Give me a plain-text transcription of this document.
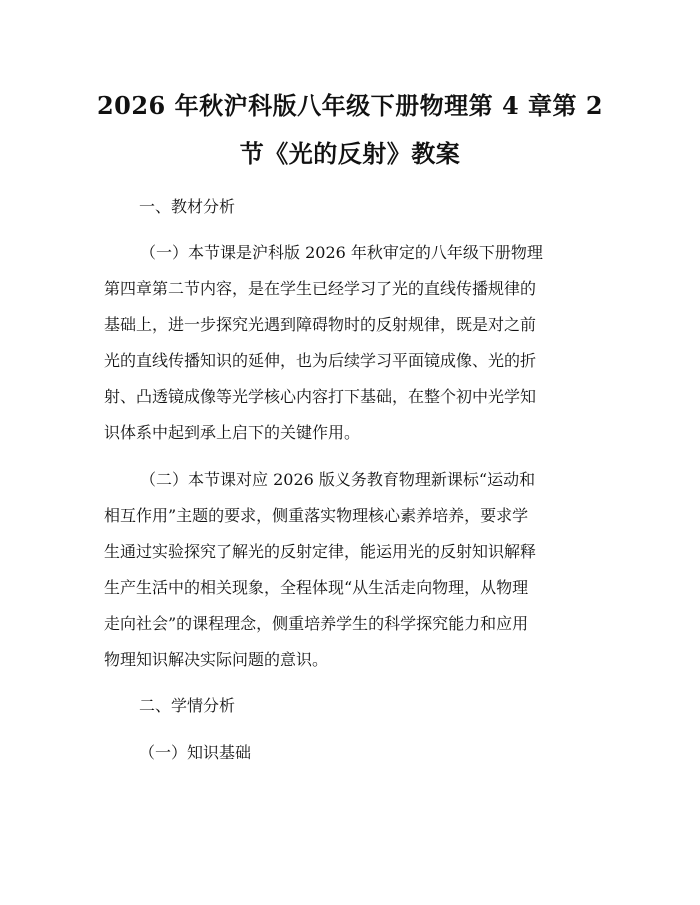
2026 年秋沪科版八年级下册物理第 4 章第 2
节《光的反射》教案
一、教材分析
（一）本节课是沪科版 2026 年秋审定的八年级下册物理
第四章第二节内容，是在学生已经学习了光的直线传播规律的
基础上，进一步探究光遇到障碍物时的反射规律，既是对之前
光的直线传播知识的延伸，也为后续学习平面镜成像、光的折
射、凸透镜成像等光学核心内容打下基础，在整个初中光学知
识体系中起到承上启下的关键作用。
（二）本节课对应 2026 版义务教育物理新课标“运动和
相互作用”主题的要求，侧重落实物理核心素养培养，要求学
生通过实验探究了解光的反射定律，能运用光的反射知识解释
生产生活中的相关现象，全程体现“从生活走向物理，从物理
走向社会”的课程理念，侧重培养学生的科学探究能力和应用
物理知识解决实际问题的意识。
二、学情分析
（一）知识基础
